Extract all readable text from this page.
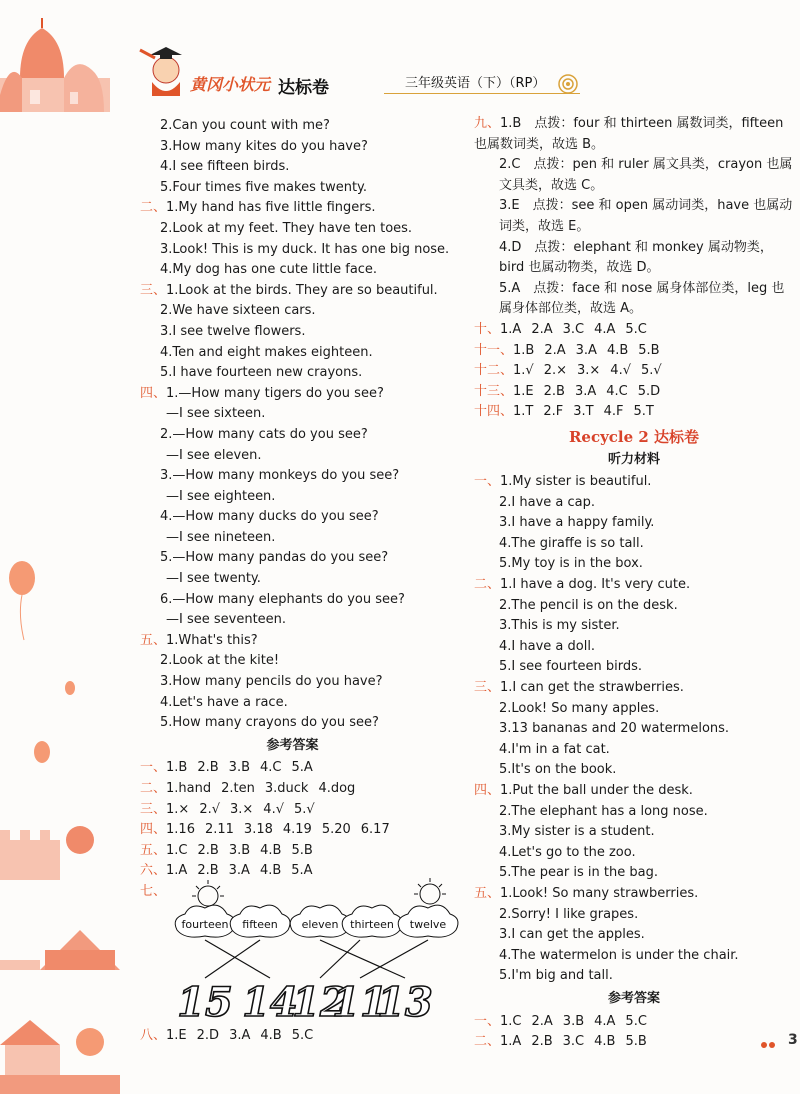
黄冈小状元 达标卷	三年级英语（下）（RP）
2.Can you count with me?
3.How many kites do you have?
4.I see fifteen birds.
5.Four times five makes twenty.
二、1.My hand has five little fingers.
2.Look at my feet. They have ten toes.
3.Look! This is my duck. It has one big nose.
4.My dog has one cute little face.
三、1.Look at the birds. They are so beautiful.
2.We have sixteen cars.
3.I see twelve flowers.
4.Ten and eight makes eighteen.
5.I have fourteen new crayons.
四、1.—How many tigers do you see?
—I see sixteen.
2.—How many cats do you see?
—I see eleven.
3.—How many monkeys do you see?
—I see eighteen.
4.—How many ducks do you see?
—I see nineteen.
5.—How many pandas do you see?
—I see twenty.
6.—How many elephants do you see?
—I see seventeen.
五、1.What's this?
2.Look at the kite!
3.How many pencils do you have?
4.Let's have a race.
5.How many crayons do you see?
参考答案
一、1.B 2.B 3.B 4.C 5.A
二、1.hand 2.ten 3.duck 4.dog
三、1.× 2.√ 3.× 4.√ 5.√
四、1.16 2.11 3.18 4.19 5.20 6.17
五、1.C 2.B 3.B 4.B 5.B
六、1.A 2.B 3.A 4.B 5.A
七、
fourteen fifteen eleven thirteen twelve
15 14
12
11
13
八、1.E 2.D 3.A 4.B 5.C
九、1.B　点拨：four 和 thirteen 属数词类，fifteen 也属数词类，故选 B。
2.C　点拨：pen 和 ruler 属文具类，crayon 也属文具类，故选 C。
3.E　点拨：see 和 open 属动词类，have 也属动词类，故选 E。
4.D　点拨：elephant 和 monkey 属动物类，bird 也属动物类，故选 D。
5.A　点拨：face 和 nose 属身体部位类，leg 也属身体部位类，故选 A。
十、1.A 2.A 3.C 4.A 5.C
十一、1.B 2.A 3.A 4.B 5.B
十二、1.√ 2.× 3.× 4.√ 5.√
十三、1.E 2.B 3.A 4.C 5.D
十四、1.T 2.F 3.T 4.F 5.T
Recycle 2 达标卷
听力材料
一、1.My sister is beautiful.
2.I have a cap.
3.I have a happy family.
4.The giraffe is so tall.
5.My toy is in the box.
二、1.I have a dog. It's very cute.
2.The pencil is on the desk.
3.This is my sister.
4.I have a doll.
5.I see fourteen birds.
三、1.I can get the strawberries.
2.Look! So many apples.
3.13 bananas and 20 watermelons.
4.I'm in a fat cat.
5.It's on the book.
四、1.Put the ball under the desk.
2.The elephant has a long nose.
3.My sister is a student.
4.Let's go to the zoo.
5.The pear is in the bag.
五、1.Look! So many strawberries.
2.Sorry! I like grapes.
3.I can get the apples.
4.The watermelon is under the chair.
5.I'm big and tall.
参考答案
一、1.C 2.A 3.B 4.A 5.C
二、1.A 2.B 3.C 4.B 5.B	3
